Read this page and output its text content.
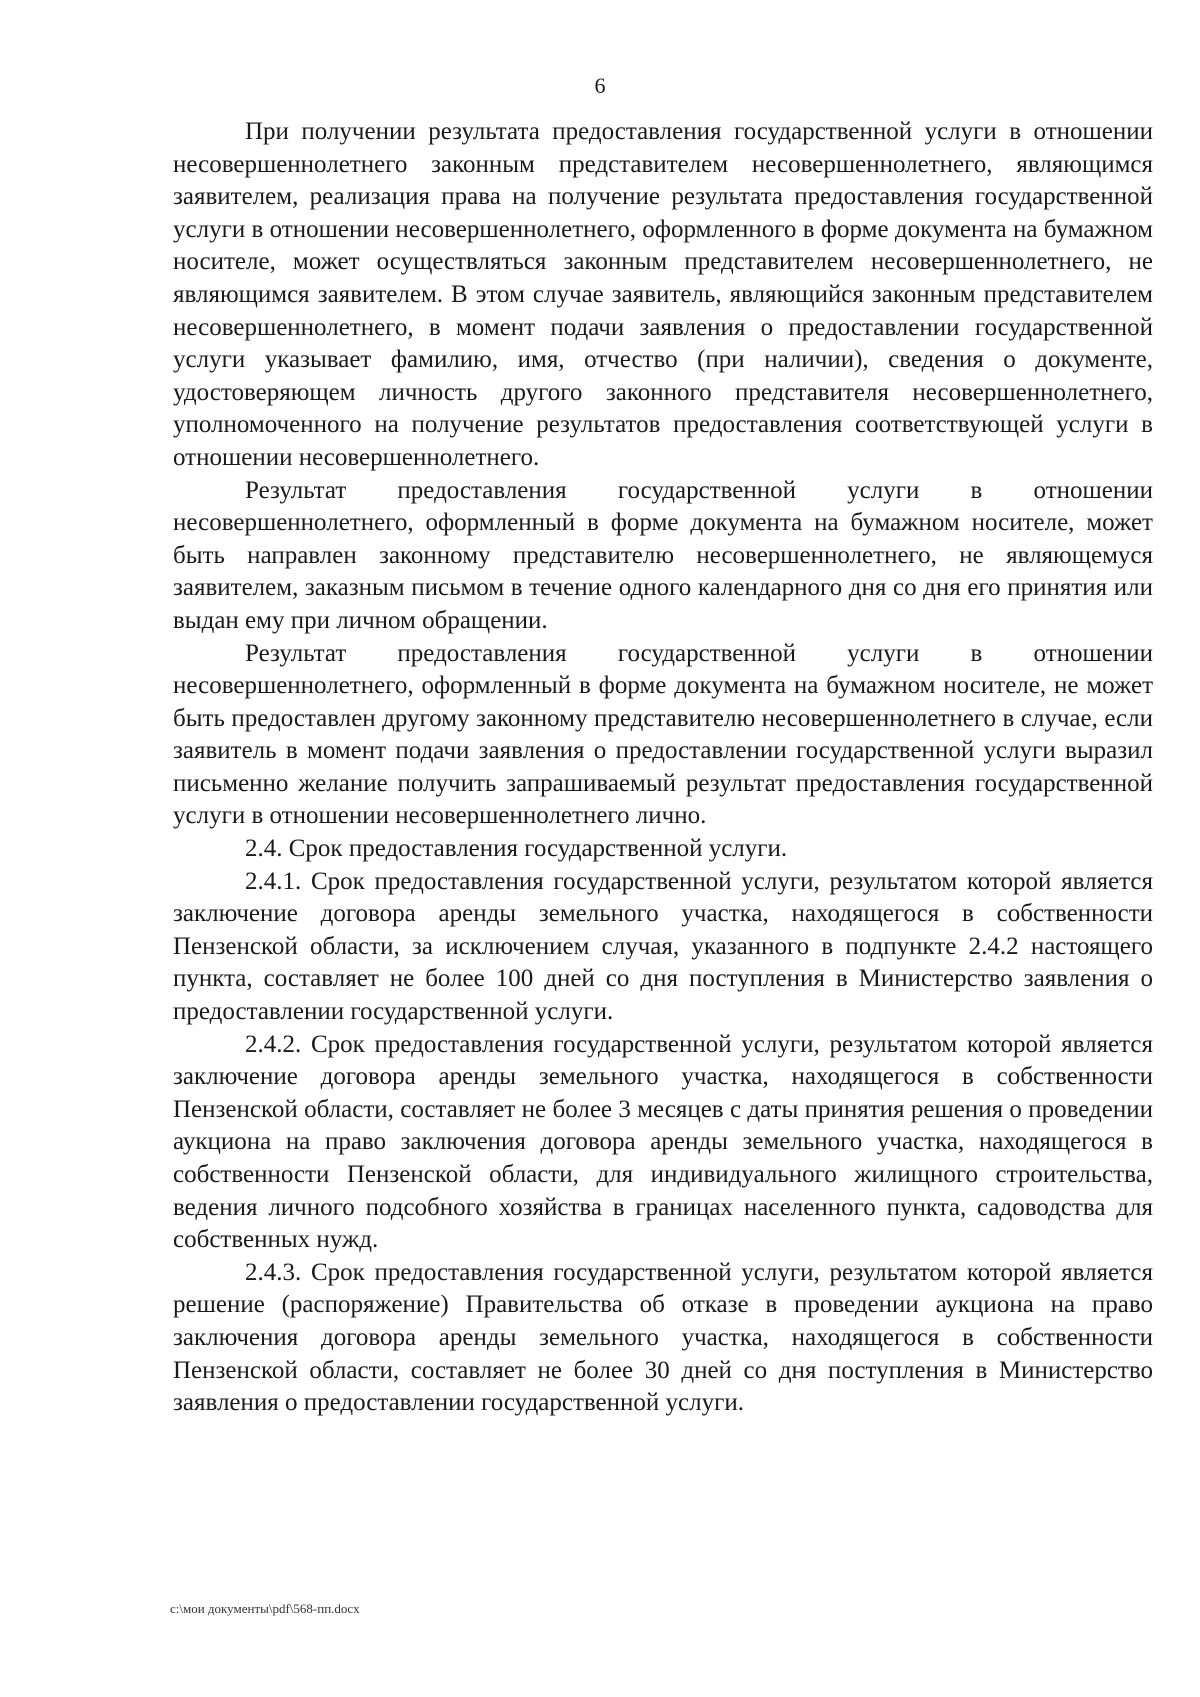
6

При получении результата предоставления государственной услуги в отношении несовершеннолетнего законным представителем несовершеннолетнего, являющимся заявителем, реализация права на получение результата предоставления государственной услуги в отношении несовершеннолетнего, оформленного в форме документа на бумажном носителе, может осуществляться законным представителем несовершеннолетнего, не являющимся заявителем. В этом случае заявитель, являющийся законным представителем несовершеннолетнего, в момент подачи заявления о предоставлении государственной услуги указывает фамилию, имя, отчество (при наличии), сведения о документе, удостоверяющем личность другого законного представителя несовершеннолетнего, уполномоченного на получение результатов предоставления соответствующей услуги в отношении несовершеннолетнего.

Результат предоставления государственной услуги в отношении несовершеннолетнего, оформленный в форме документа на бумажном носителе, может быть направлен законному представителю несовершеннолетнего, не являющемуся заявителем, заказным письмом в течение одного календарного дня со дня его принятия или выдан ему при личном обращении.

Результат предоставления государственной услуги в отношении несовершеннолетнего, оформленный в форме документа на бумажном носителе, не может быть предоставлен другому законному представителю несовершеннолетнего в случае, если заявитель в момент подачи заявления о предоставлении государственной услуги выразил письменно желание получить запрашиваемый результат предоставления государственной услуги в отношении несовершеннолетнего лично.

2.4. Срок предоставления государственной услуги.

2.4.1. Срок предоставления государственной услуги, результатом которой является заключение договора аренды земельного участка, находящегося в собственности Пензенской области, за исключением случая, указанного в подпункте 2.4.2 настоящего пункта, составляет не более 100 дней со дня поступления в Министерство заявления о предоставлении государственной услуги.

2.4.2. Срок предоставления государственной услуги, результатом которой является заключение договора аренды земельного участка, находящегося в собственности Пензенской области, составляет не более 3 месяцев с даты принятия решения о проведении аукциона на право заключения договора аренды земельного участка, находящегося в собственности Пензенской области, для индивидуального жилищного строительства, ведения личного подсобного хозяйства в границах населенного пункта, садоводства для собственных нужд.

2.4.3. Срок предоставления государственной услуги, результатом которой является решение (распоряжение) Правительства об отказе в проведении аукциона на право заключения договора аренды земельного участка, находящегося в собственности Пензенской области, составляет не более 30 дней со дня поступления в Министерство заявления о предоставлении государственной услуги.

c:\мои документы\pdf\568-пп.docx
